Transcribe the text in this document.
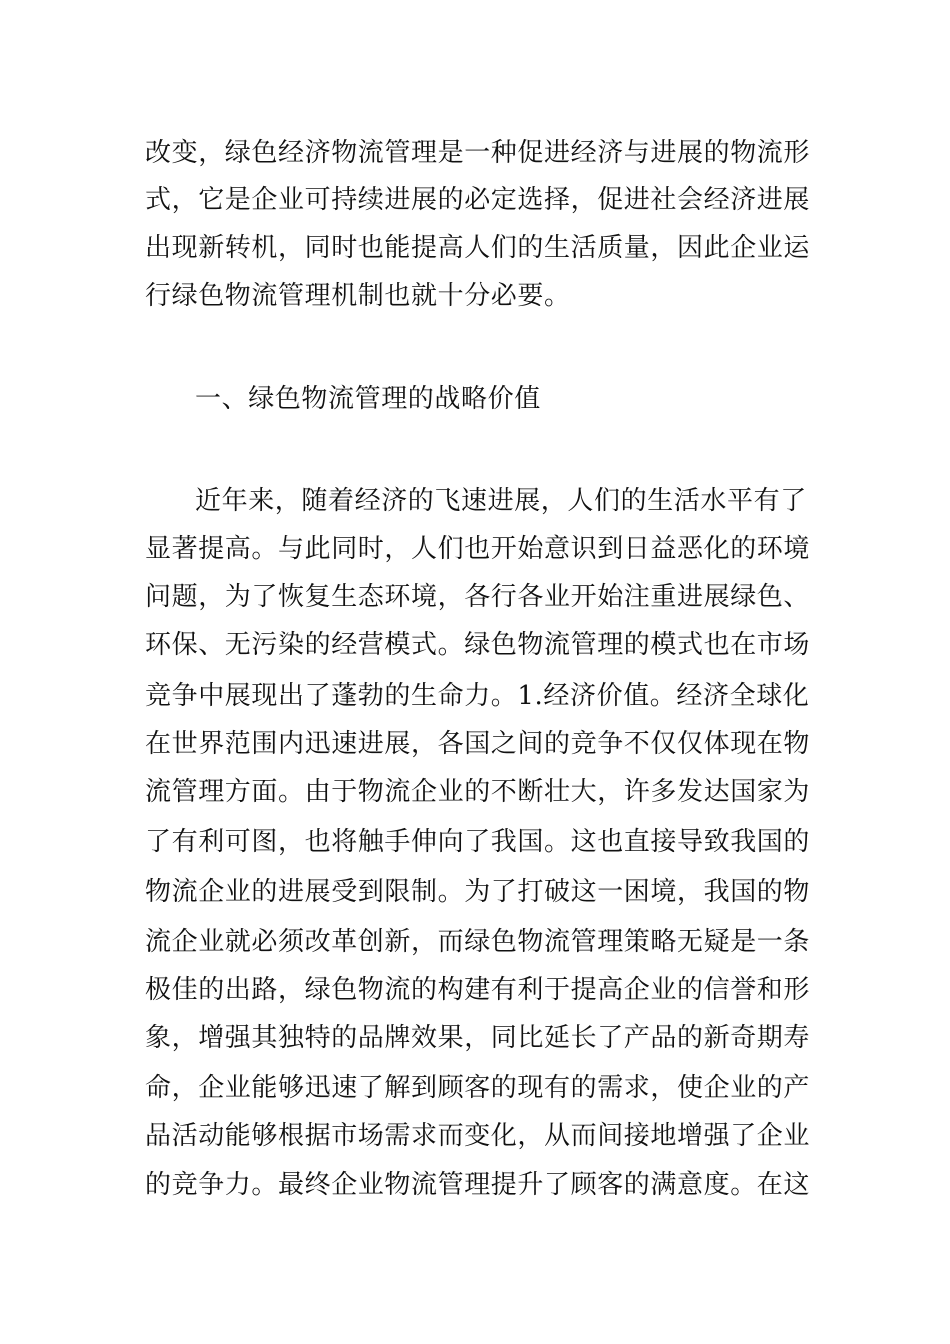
改变，绿色经济物流管理是一种促进经济与进展的物流形
式，它是企业可持续进展的必定选择，促进社会经济进展
出现新转机，同时也能提高人们的生活质量，因此企业运
行绿色物流管理机制也就十分必要。
一、绿色物流管理的战略价值
近年来，随着经济的飞速进展，人们的生活水平有了
显著提高。与此同时，人们也开始意识到日益恶化的环境
问题，为了恢复生态环境，各行各业开始注重进展绿色、
环保、无污染的经营模式。绿色物流管理的模式也在市场
竞争中展现出了蓬勃的生命力。1.经济价值。经济全球化
在世界范围内迅速进展，各国之间的竞争不仅仅体现在物
流管理方面。由于物流企业的不断壮大，许多发达国家为
了有利可图，也将触手伸向了我国。这也直接导致我国的
物流企业的进展受到限制。为了打破这一困境，我国的物
流企业就必须改革创新，而绿色物流管理策略无疑是一条
极佳的出路，绿色物流的构建有利于提高企业的信誉和形
象，增强其独特的品牌效果，同比延长了产品的新奇期寿
命，企业能够迅速了解到顾客的现有的需求，使企业的产
品活动能够根据市场需求而变化，从而间接地增强了企业
的竞争力。最终企业物流管理提升了顾客的满意度。在这
